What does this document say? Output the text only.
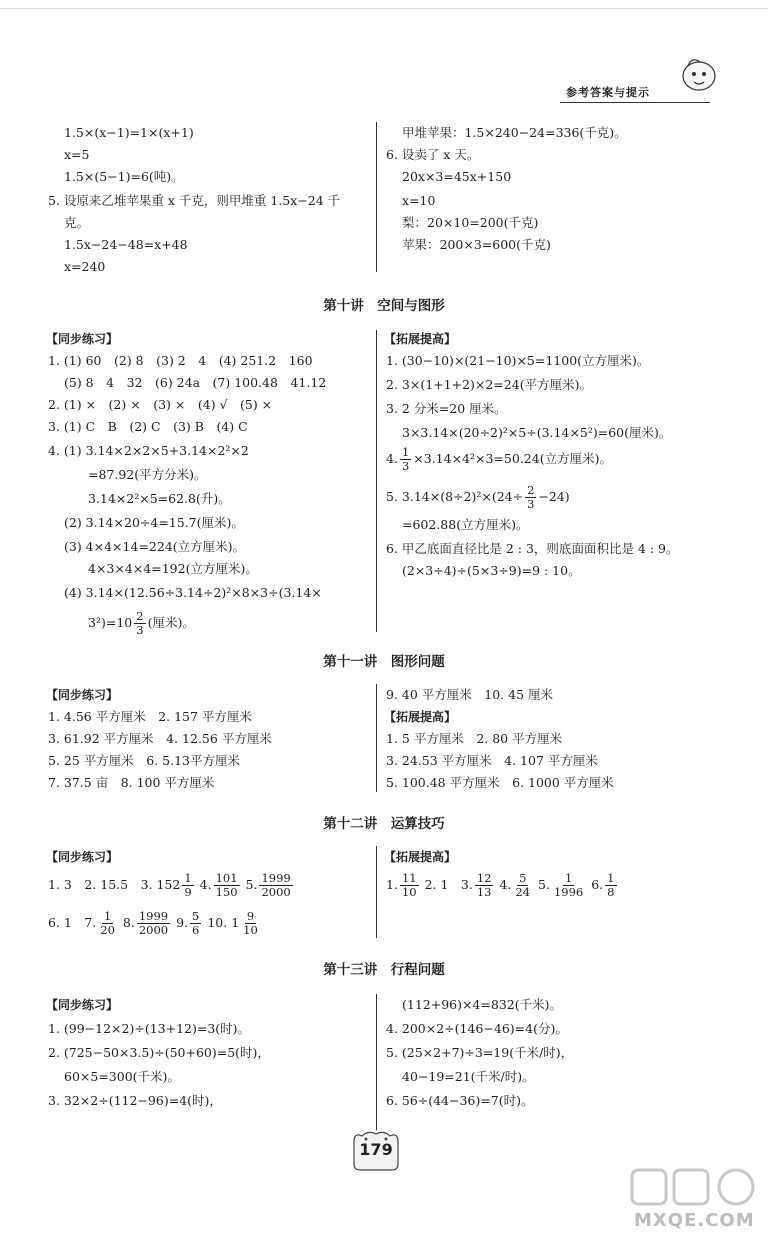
参考答案与提示
1.5×(x−1)=1×(x+1)
x=5
1.5×(5−1)=6(吨)。
5. 设原来乙堆苹果重 x 千克，则甲堆重 1.5x−24 千
克。
1.5x−24−48=x+48
x=240
甲堆苹果：1.5×240−24=336(千克)。
6. 设卖了 x 天。
20x×3=45x+150
x=10
梨：20×10=200(千克)
苹果：200×3=600(千克)
第十讲　空间与图形
【同步练习】
1. (1) 60　(2) 8　(3) 2　4　(4) 251.2　160
(5) 8　4　32　(6) 24a　(7) 100.48　41.12
2. (1) ×　(2) ×　(3) ×　(4) √　(5) ×
3. (1) C　B　(2) C　(3) B　(4) C
4. (1) 3.14×2×2×5+3.14×2²×2
=87.92(平方分米)。
3.14×2²×5=62.8(升)。
(2) 3.14×20÷4=15.7(厘米)。
(3) 4×4×14=224(立方厘米)。
4×3×4×4=192(立方厘米)。
(4) 3.14×(12.56÷3.14÷2)²×8×3÷(3.14×
$3^2)=10 \frac{2}{3}$ (厘米)。
【拓展提高】
1. (30−10)×(21−10)×5=1100(立方厘米)。
2. 3×(1+1+2)×2=24(平方厘米)。
3. 2 分米=20 厘米。
3×3.14×(20÷2)²×5÷(3.14×5²)=60(厘米)。
4. $\frac{1}{3} \times 3.14\times 4^2\times 3=50.24$(立方厘米)。
5. $3.14\times(8\div 2)^2\times(24\div \frac{2}{3} -24)$
=602.88(立方厘米)。
6. 甲乙底面直径比是 2 : 3，则底面面积比是 4 : 9。
(2×3÷4)÷(5×3÷9)=9 : 10。
第十一讲　图形问题
【同步练习】
1. 4.56 平方厘米　2. 157 平方厘米
3. 61.92 平方厘米　4. 12.56 平方厘米
5. 25 平方厘米　6. 5.13平方厘米
7. 37.5 亩　8. 100 平方厘米
9. 40 平方厘米　10. 45 厘米
【拓展提高】
1. 5 平方厘米　2. 80 平方厘米
3. 24.53 平方厘米　4. 107 平方厘米
5. 100.48 平方厘米　6. 1000 平方厘米
第十二讲　运算技巧
【同步练习】
1. 3　2. 15.5　3. $152 \frac{1}{9} 4$. $\frac{101}{150} 5$. $\frac{1999}{2000}$
6. 1　7. $\frac{1}{20} 8$. $\frac{1999}{2000} 9$. $\frac{5}{6} 10$. $1 \frac{9}{10}$
【拓展提高】
1. $\frac{11}{10} 2$. 1　3. $\frac{12}{13} 4$. $\frac{5}{24} 5$. $\frac{1}{1996} 6$. $\frac{1}{8}$
第十三讲　行程问题
【同步练习】
1. (99−12×2)÷(13+12)=3(时)。
2. (725−50×3.5)÷(50+60)=5(时)，
60×5=300(千米)。
3. 32×2÷(112−96)=4(时)，
(112+96)×4=832(千米)。
4. 200×2÷(146−46)=4(分)。
5. (25×2+7)÷3=19(千米/时)，
40−19=21(千米/时)。
6. 56÷(44−36)=7(时)。
179
MXQE.COM
